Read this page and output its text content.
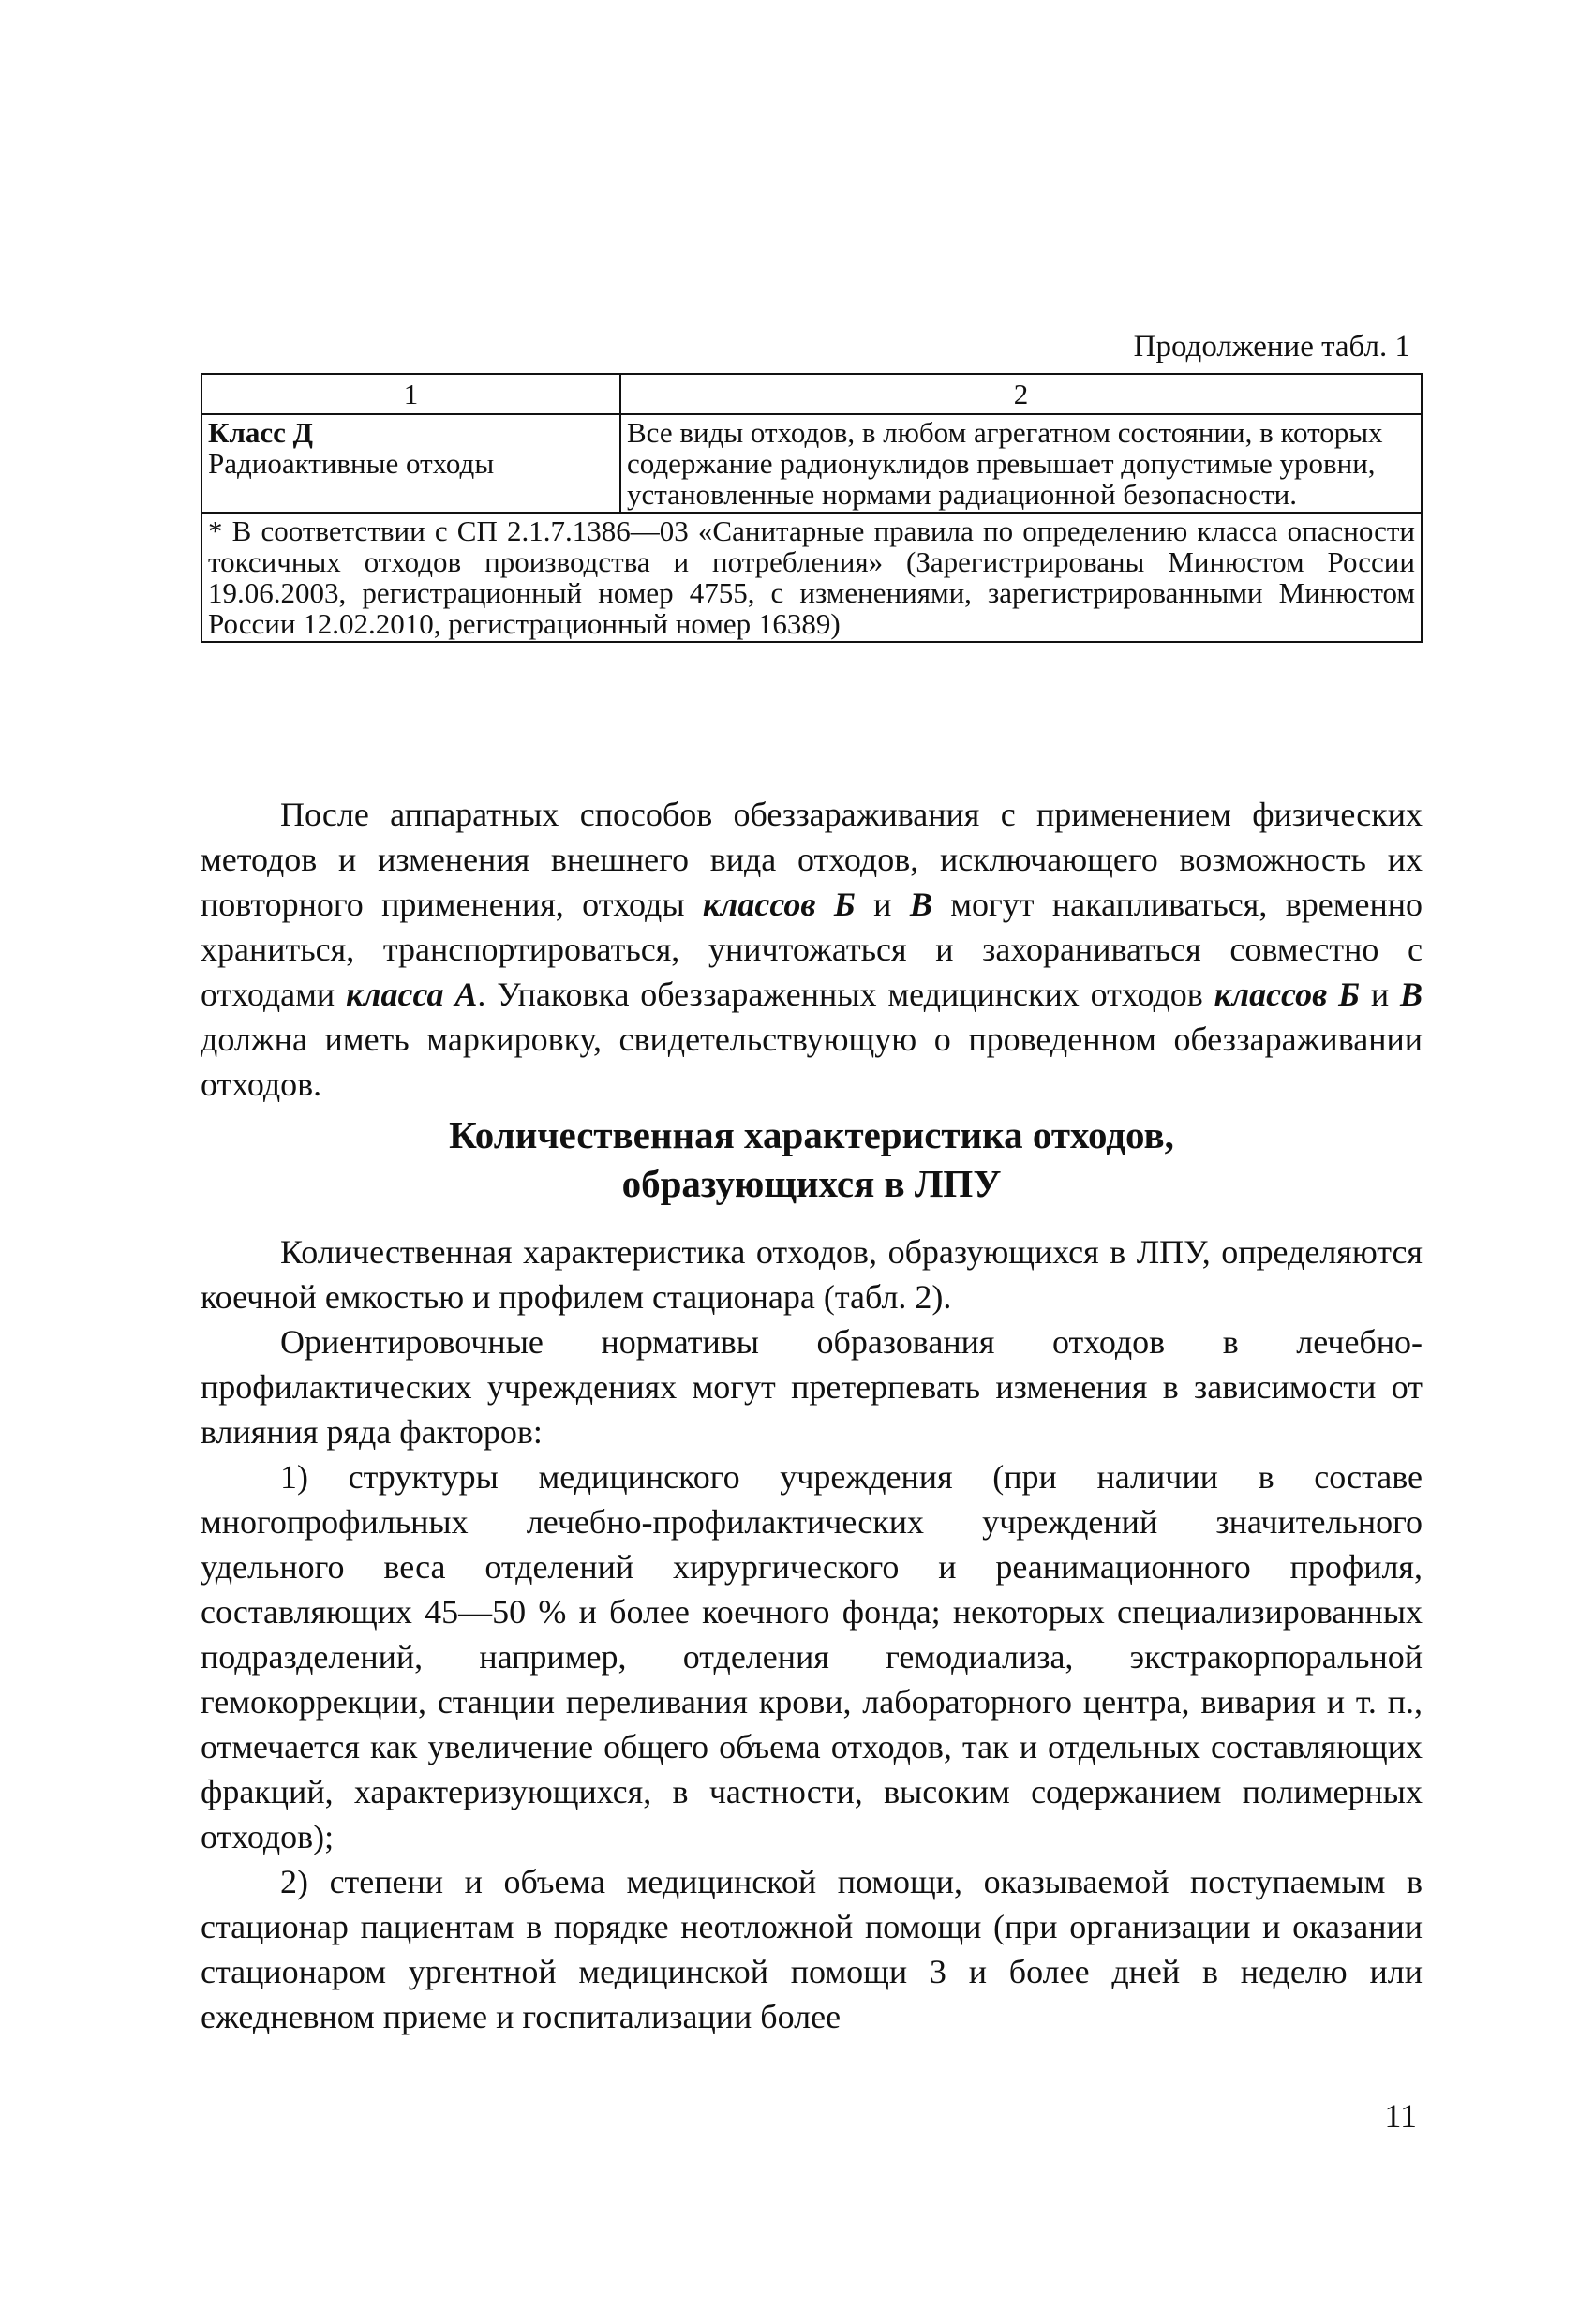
Продолжение табл. 1
1	2
Класс Д
Радиоактивные отходы	Все виды отходов, в любом агрегатном состоянии, в которых содержание радионуклидов превышает допустимые уровни, установленные нормами радиационной безопасности.
* В соответствии с СП 2.1.7.1386—03 «Санитарные правила по определению класса опасности токсичных отходов производства и потребления» (Зарегистрированы Минюстом России 19.06.2003, регистрационный номер 4755, с изменениями, зарегистрированными Минюстом России 12.02.2010, регистрационный номер 16389)	

После аппаратных способов обеззараживания с применением физических методов и изменения внешнего вида отходов, исключающего возможность их повторного применения, отходы классов Б и В могут накапливаться, временно храниться, транспортироваться, уничтожаться и захораниваться совместно с отходами класса А. Упаковка обеззараженных медицинских отходов классов Б и В должна иметь маркировку, свидетельствующую о проведенном обеззараживании отходов.

Количественная характеристика отходов,
образующихся в ЛПУ

Количественная характеристика отходов, образующихся в ЛПУ, определяются коечной емкостью и профилем стационара (табл. 2).

Ориентировочные нормативы образования отходов в лечебно-профилактических учреждениях могут претерпевать изменения в зависимости от влияния ряда факторов:

1) структуры медицинского учреждения (при наличии в составе многопрофильных лечебно-профилактических учреждений значительного удельного веса отделений хирургического и реанимационного профиля, составляющих 45—50 % и более коечного фонда; некоторых специализированных подразделений, например, отделения гемодиализа, экстракорпоральной гемокоррекции, станции переливания крови, лабораторного центра, вивария и т. п., отмечается как увеличение общего объема отходов, так и отдельных составляющих фракций, характеризующихся, в частности, высоким содержанием полимерных отходов);

2) степени и объема медицинской помощи, оказываемой поступаемым в стационар пациентам в порядке неотложной помощи (при организации и оказании стационаром ургентной медицинской помощи 3 и более дней в неделю или ежедневном приеме и госпитализации более

11
